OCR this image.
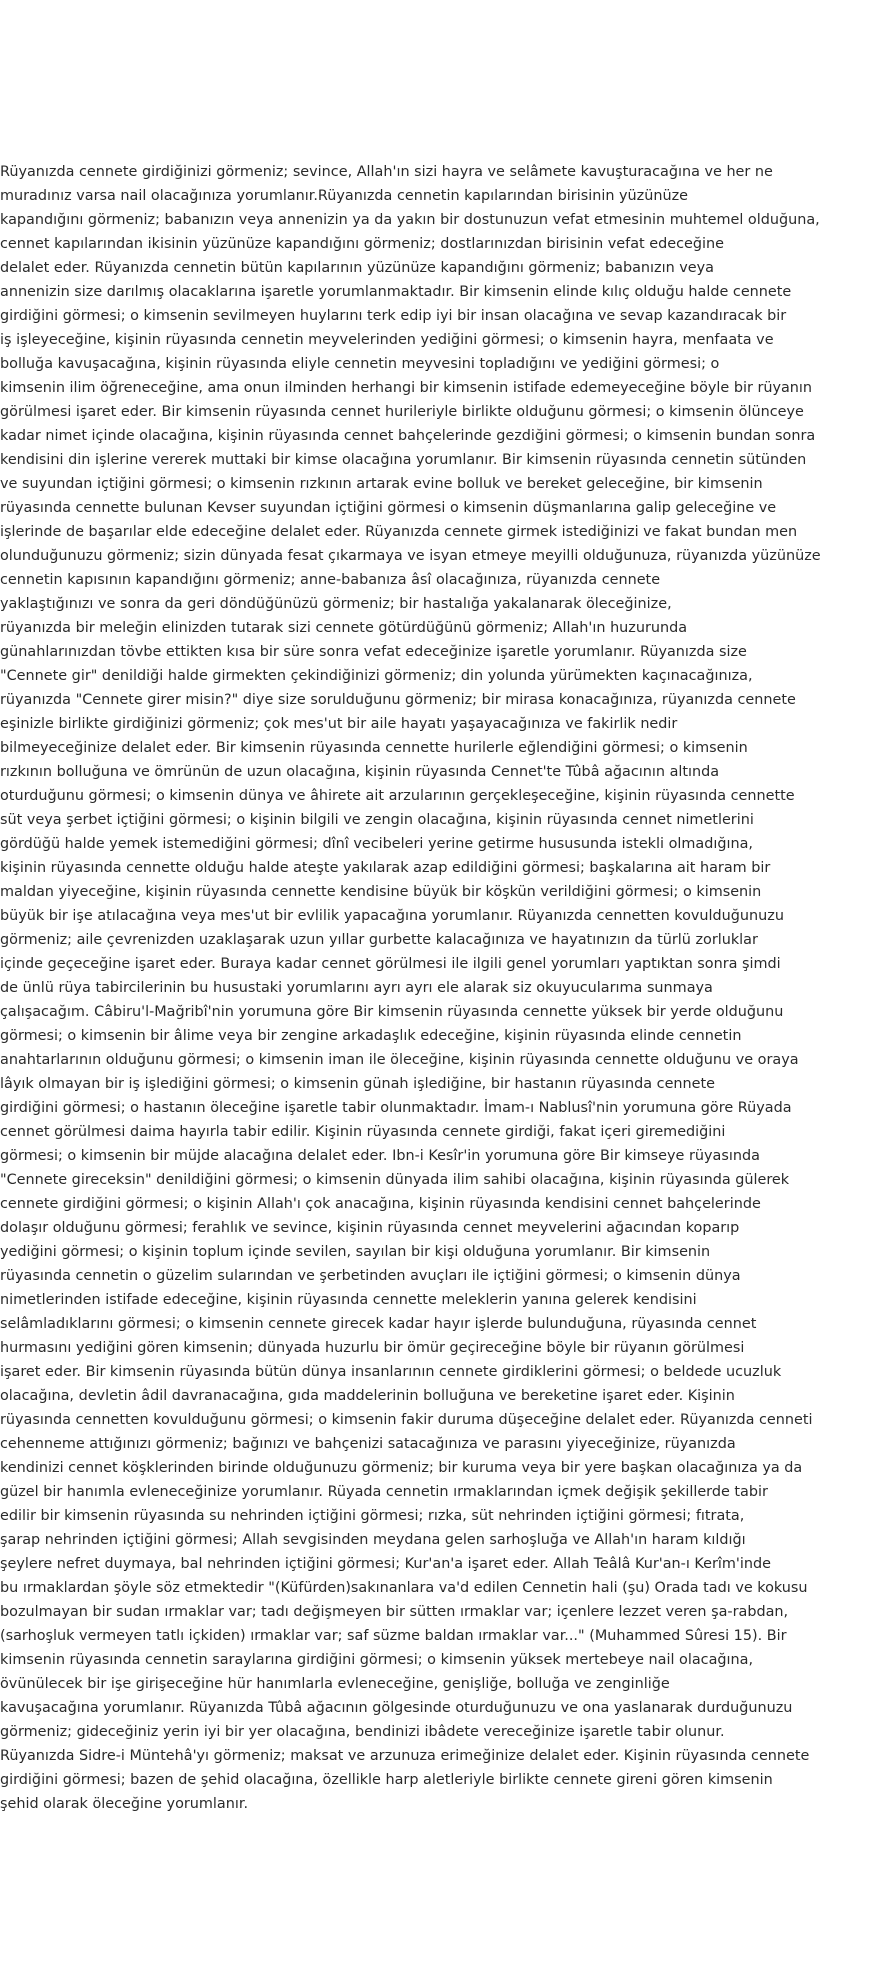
Rüyanızda cennete girdiğinizi görmeniz; sevince, Allah'ın sizi hayra ve selâmete kavuşturacağına ve her ne
muradınız varsa nail olacağınıza yorumlanır.Rüyanızda cennetin kapılarından birisinin yüzünüze
kapandığını görmeniz; babanızın veya annenizin ya da yakın bir dostunuzun vefat etmesinin muhtemel olduğuna,
cennet kapılarından ikisinin yüzünüze kapandığını görmeniz; dostlarınızdan birisinin vefat edeceğine
delalet eder. Rüyanızda cennetin bütün kapılarının yüzünüze kapandığını görmeniz; babanızın veya
annenizin size darılmış olacaklarına işaretle yorumlanmaktadır. Bir kimsenin elinde kılıç olduğu halde cennete
girdiğini görmesi; o kimsenin sevilmeyen huylarını terk edip iyi bir insan olacağına ve sevap kazandıracak bir
iş işleyeceğine, kişinin rüyasında cennetin meyvelerinden yediğini görmesi; o kimsenin hayra, menfaata ve
bolluğa kavuşacağına, kişinin rüyasında eliyle cennetin meyvesini topladığını ve yediğini görmesi; o
kimsenin ilim öğreneceğine, ama onun ilminden herhangi bir kimsenin istifade edemeyeceğine böyle bir rüyanın
görülmesi işaret eder. Bir kimsenin rüyasında cennet hurileriyle birlikte olduğunu görmesi; o kimsenin ölünceye
kadar nimet içinde olacağına, kişinin rüyasında cennet bahçelerinde gezdiğini görmesi; o kimsenin bundan sonra
kendisini din işlerine vererek muttaki bir kimse olacağına yorumlanır. Bir kimsenin rüyasında cennetin sütünden
ve suyundan içtiğini görmesi; o kimsenin rızkının artarak evine bolluk ve bereket geleceğine, bir kimsenin
rüyasında cennette bulunan Kevser suyundan içtiğini görmesi o kimsenin düşmanlarına galip geleceğine ve
işlerinde de başarılar elde edeceğine delalet eder. Rüyanızda cennete girmek istediğinizi ve fakat bundan men
olunduğunuzu görmeniz; sizin dünyada fesat çıkarmaya ve isyan etmeye meyilli olduğunuza, rüyanızda yüzünüze
cennetin kapısının kapandığını görmeniz; anne-babanıza âsî olacağınıza, rüyanızda cennete
yaklaştığınızı ve sonra da geri döndüğünüzü görmeniz; bir hastalığa yakalanarak öleceğinize,
rüyanızda bir meleğin elinizden tutarak sizi cennete götürdüğünü görmeniz; Allah'ın huzurunda
günahlarınızdan tövbe ettikten kısa bir süre sonra vefat edeceğinize işaretle yorumlanır. Rüyanızda size
"Cennete gir" denildiği halde girmekten çekindiğinizi görmeniz; din yolunda yürümekten kaçınacağınıza,
rüyanızda "Cennete girer misin?" diye size sorulduğunu görmeniz; bir mirasa konacağınıza, rüyanızda cennete
eşinizle birlikte girdiğinizi görmeniz; çok mes'ut bir aile hayatı yaşayacağınıza ve fakirlik nedir
bilmeyeceğinize delalet eder. Bir kimsenin rüyasında cennette hurilerle eğlendiğini görmesi; o kimsenin
rızkının bolluğuna ve ömrünün de uzun olacağına, kişinin rüyasında Cennet'te Tûbâ ağacının altında
oturduğunu görmesi; o kimsenin dünya ve âhirete ait arzularının gerçekleşeceğine, kişinin rüyasında cennette
süt veya şerbet içtiğini görmesi; o kişinin bilgili ve zengin olacağına, kişinin rüyasında cennet nimetlerini
gördüğü halde yemek istemediğini görmesi; dînî vecibeleri yerine getirme hususunda istekli olmadığına,
kişinin rüyasında cennette olduğu halde ateşte yakılarak azap edildiğini görmesi; başkalarına ait haram bir
maldan yiyeceğine, kişinin rüyasında cennette kendisine büyük bir köşkün verildiğini görmesi; o kimsenin
büyük bir işe atılacağına veya mes'ut bir evlilik yapacağına yorumlanır. Rüyanızda cennetten kovulduğunuzu
görmeniz; aile çevrenizden uzaklaşarak uzun yıllar gurbette kalacağınıza ve hayatınızın da türlü zorluklar
içinde geçeceğine işaret eder. Buraya kadar cennet görülmesi ile ilgili genel yorumları yaptıktan sonra şimdi
de ünlü rüya tabircilerinin bu husustaki yorumlarını ayrı ayrı ele alarak siz okuyucularıma sunmaya
çalışacağım. Câbiru'l-Mağribî'nin yorumuna göre Bir kimsenin rüyasında cennette yüksek bir yerde olduğunu
görmesi; o kimsenin bir âlime veya bir zengine arkadaşlık edeceğine, kişinin rüyasında elinde cennetin
anahtarlarının olduğunu görmesi; o kimsenin iman ile öleceğine, kişinin rüyasında cennette olduğunu ve oraya
lâyık olmayan bir iş işlediğini görmesi; o kimsenin günah işlediğine, bir hastanın rüyasında cennete
girdiğini görmesi; o hastanın öleceğine işaretle tabir olunmaktadır. İmam-ı Nablusî'nin yorumuna göre Rüyada
cennet görülmesi daima hayırla tabir edilir. Kişinin rüyasında cennete girdiği, fakat içeri giremediğini
görmesi; o kimsenin bir müjde alacağına delalet eder. Ibn-i Kesîr'in yorumuna göre Bir kimseye rüyasında
"Cennete gireceksin" denildiğini görmesi; o kimsenin dünyada ilim sahibi olacağına, kişinin rüyasında gülerek
cennete girdiğini görmesi; o kişinin Allah'ı çok anacağına, kişinin rüyasında kendisini cennet bahçelerinde
dolaşır olduğunu görmesi; ferahlık ve sevince, kişinin rüyasında cennet meyvelerini ağacından koparıp
yediğini görmesi; o kişinin toplum içinde sevilen, sayılan bir kişi olduğuna yorumlanır. Bir kimsenin
rüyasında cennetin o güzelim sularından ve şerbetinden avuçları ile içtiğini görmesi; o kimsenin dünya
nimetlerinden istifade edeceğine, kişinin rüyasında cennette meleklerin yanına gelerek kendisini
selâmladıklarını görmesi; o kimsenin cennete girecek kadar hayır işlerde bulunduğuna, rüyasında cennet
hurmasını yediğini gören kimsenin; dünyada huzurlu bir ömür geçireceğine böyle bir rüyanın görülmesi
işaret eder. Bir kimsenin rüyasında bütün dünya insanlarının cennete girdiklerini görmesi; o beldede ucuzluk
olacağına, devletin âdil davranacağına, gıda maddelerinin bolluğuna ve bereketine işaret eder. Kişinin
rüyasında cennetten kovulduğunu görmesi; o kimsenin fakir duruma düşeceğine delalet eder. Rüyanızda cenneti
cehenneme attığınızı görmeniz; bağınızı ve bahçenizi satacağınıza ve parasını yiyeceğinize, rüyanızda
kendinizi cennet köşklerinden birinde olduğunuzu görmeniz; bir kuruma veya bir yere başkan olacağınıza ya da
güzel bir hanımla evleneceğinize yorumlanır. Rüyada cennetin ırmaklarından içmek değişik şekillerde tabir
edilir bir kimsenin rüyasında su nehrinden içtiğini görmesi; rızka, süt nehrinden içtiğini görmesi; fıtrata,
şarap nehrinden içtiğini görmesi; Allah sevgisinden meydana gelen sarhoşluğa ve Allah'ın haram kıldığı
şeylere nefret duymaya, bal nehrinden içtiğini görmesi; Kur'an'a işaret eder. Allah Teâlâ Kur'an-ı Kerîm'inde
bu ırmaklardan şöyle söz etmektedir "(Küfürden)sakınanlara va'd edilen Cennetin hali (şu) Orada tadı ve kokusu
bozulmayan bir sudan ırmaklar var; tadı değişmeyen bir sütten ırmaklar var; içenlere lezzet veren şa-rabdan,
(sarhoşluk vermeyen tatlı içkiden) ırmaklar var; saf süzme baldan ırmaklar var..." (Muhammed Sûresi 15). Bir
kimsenin rüyasında cennetin saraylarına girdiğini görmesi; o kimsenin yüksek mertebeye nail olacağına,
övünülecek bir işe girişeceğine hür hanımlarla evleneceğine, genişliğe, bolluğa ve zenginliğe
kavuşacağına yorumlanır. Rüyanızda Tûbâ ağacının gölgesinde oturduğunuzu ve ona yaslanarak durduğunuzu
görmeniz; gideceğiniz yerin iyi bir yer olacağına, bendinizi ibâdete vereceğinize işaretle tabir olunur.
Rüyanızda Sidre-i Müntehâ'yı görmeniz; maksat ve arzunuza erimeğinize delalet eder. Kişinin rüyasında cennete
girdiğini görmesi; bazen de şehid olacağına, özellikle harp aletleriyle birlikte cennete gireni gören kimsenin
şehid olarak öleceğine yorumlanır.
